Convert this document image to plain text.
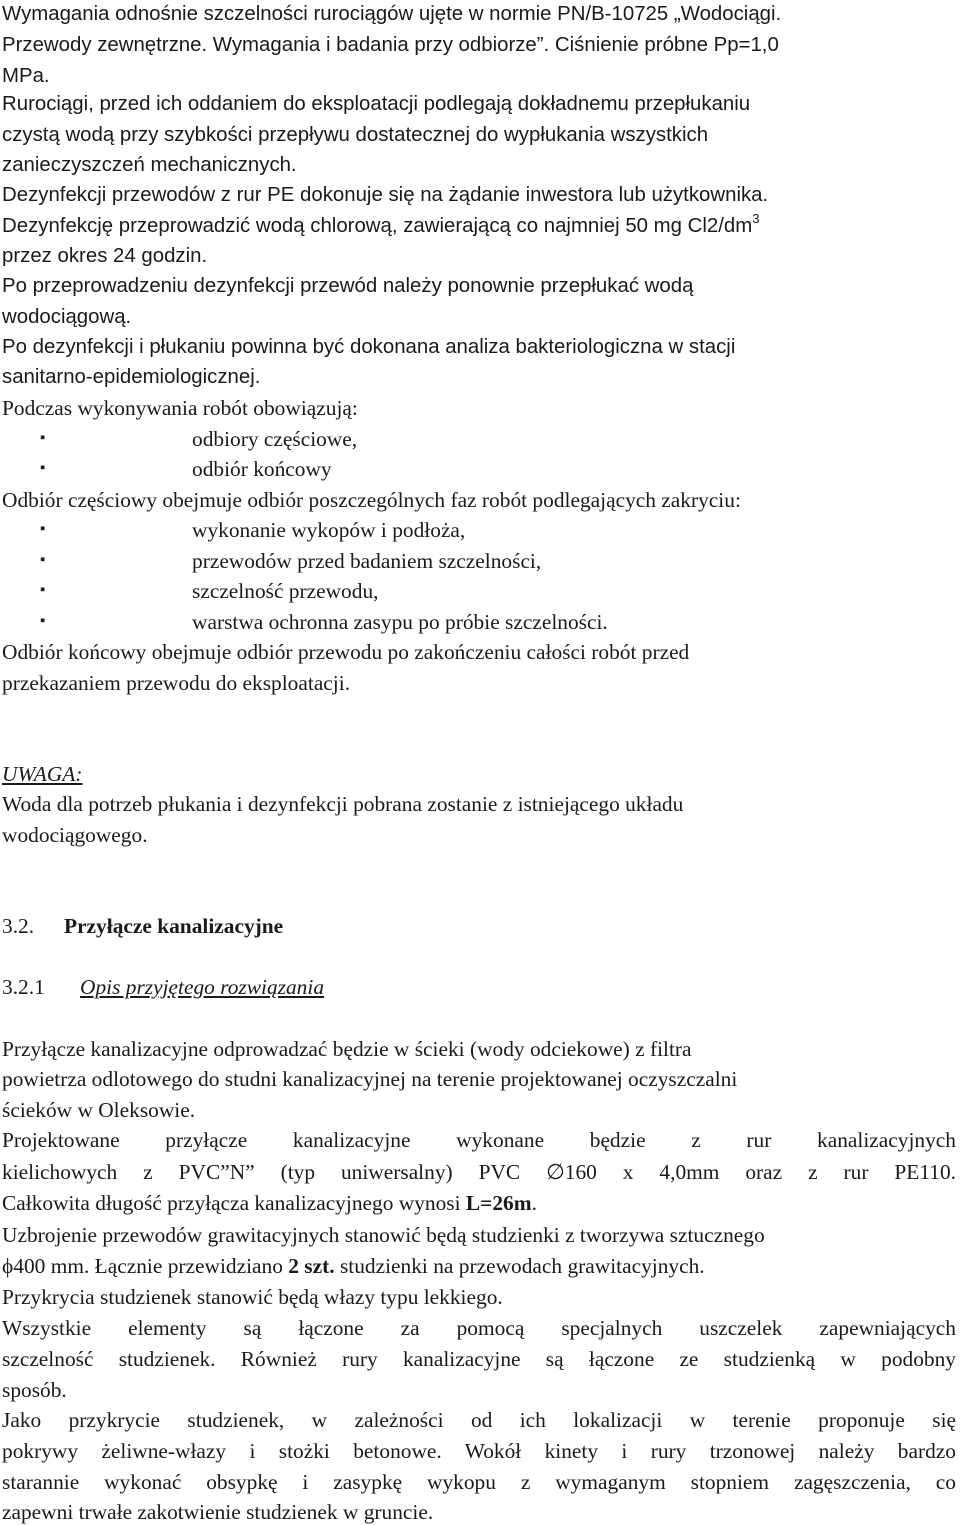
Wymagania odnośnie szczelności rurociągów ujęte w normie PN/B-10725 „Wodociągi.
Przewody zewnętrzne. Wymagania i badania przy odbiorze”. Ciśnienie próbne Pp=1,0
MPa.
Rurociągi, przed ich oddaniem do eksploatacji podlegają dokładnemu przepłukaniu
czystą wodą przy szybkości przepływu dostatecznej do wypłukania wszystkich
zanieczyszczeń mechanicznych.
Dezynfekcji przewodów z rur PE dokonuje się na żądanie inwestora lub użytkownika.
Dezynfekcję przeprowadzić wodą chlorową, zawierającą co najmniej 50 mg $Cl2/dm^3$
przez okres 24 godzin.
Po przeprowadzeniu dezynfekcji przewód należy ponownie przepłukać wodą
wodociągową.
Po dezynfekcji i płukaniu powinna być dokonana analiza bakteriologiczna w stacji
sanitarno-epidemiologicznej.
Podczas wykonywania robót obowiązują:
▪	odbiory częściowe,
▪	odbiór końcowy
Odbiór częściowy obejmuje odbiór poszczególnych faz robót podlegających zakryciu:
▪	wykonanie wykopów i podłoża,
▪	przewodów przed badaniem szczelności,
▪	szczelność przewodu,
▪	warstwa ochronna zasypu po próbie szczelności.
Odbiór końcowy obejmuje odbiór przewodu po zakończeniu całości robót przed
przekazaniem przewodu do eksploatacji.
UWAGA:
Woda dla potrzeb płukania i dezynfekcji pobrana zostanie z istniejącego układu
wodociągowego.
3.2. Przyłącze kanalizacyjne
3.2.1 Opis przyjętego rozwiązania
Przyłącze kanalizacyjne odprowadzać będzie w ścieki (wody odciekowe) z filtra
powietrza odlotowego do studni kanalizacyjnej na terenie projektowanej oczyszczalni
ścieków w Oleksowie.
Projektowane przyłącze kanalizacyjne wykonane będzie z rur kanalizacyjnych
kielichowych z PVC”N” (typ uniwersalny) PVC ∅160 x 4,0mm oraz z rur PE110.
Całkowita długość przyłącza kanalizacyjnego wynosi L=26m.
Uzbrojenie przewodów grawitacyjnych stanowić będą studzienki z tworzywa sztucznego
ϕ400 mm. Łącznie przewidziano 2 szt. studzienki na przewodach grawitacyjnych.
Przykrycia studzienek stanowić będą włazy typu lekkiego.
Wszystkie elementy są łączone za pomocą specjalnych uszczelek zapewniających
szczelność studzienek. Również rury kanalizacyjne są łączone ze studzienką w podobny
sposób.
Jako przykrycie studzienek, w zależności od ich lokalizacji w terenie proponuje się
pokrywy żeliwne-włazy i stożki betonowe. Wokół kinety i rury trzonowej należy bardzo
starannie wykonać obsypkę i zasypkę wykopu z wymaganym stopniem zagęszczenia, co
zapewni trwałe zakotwienie studzienek w gruncie.
